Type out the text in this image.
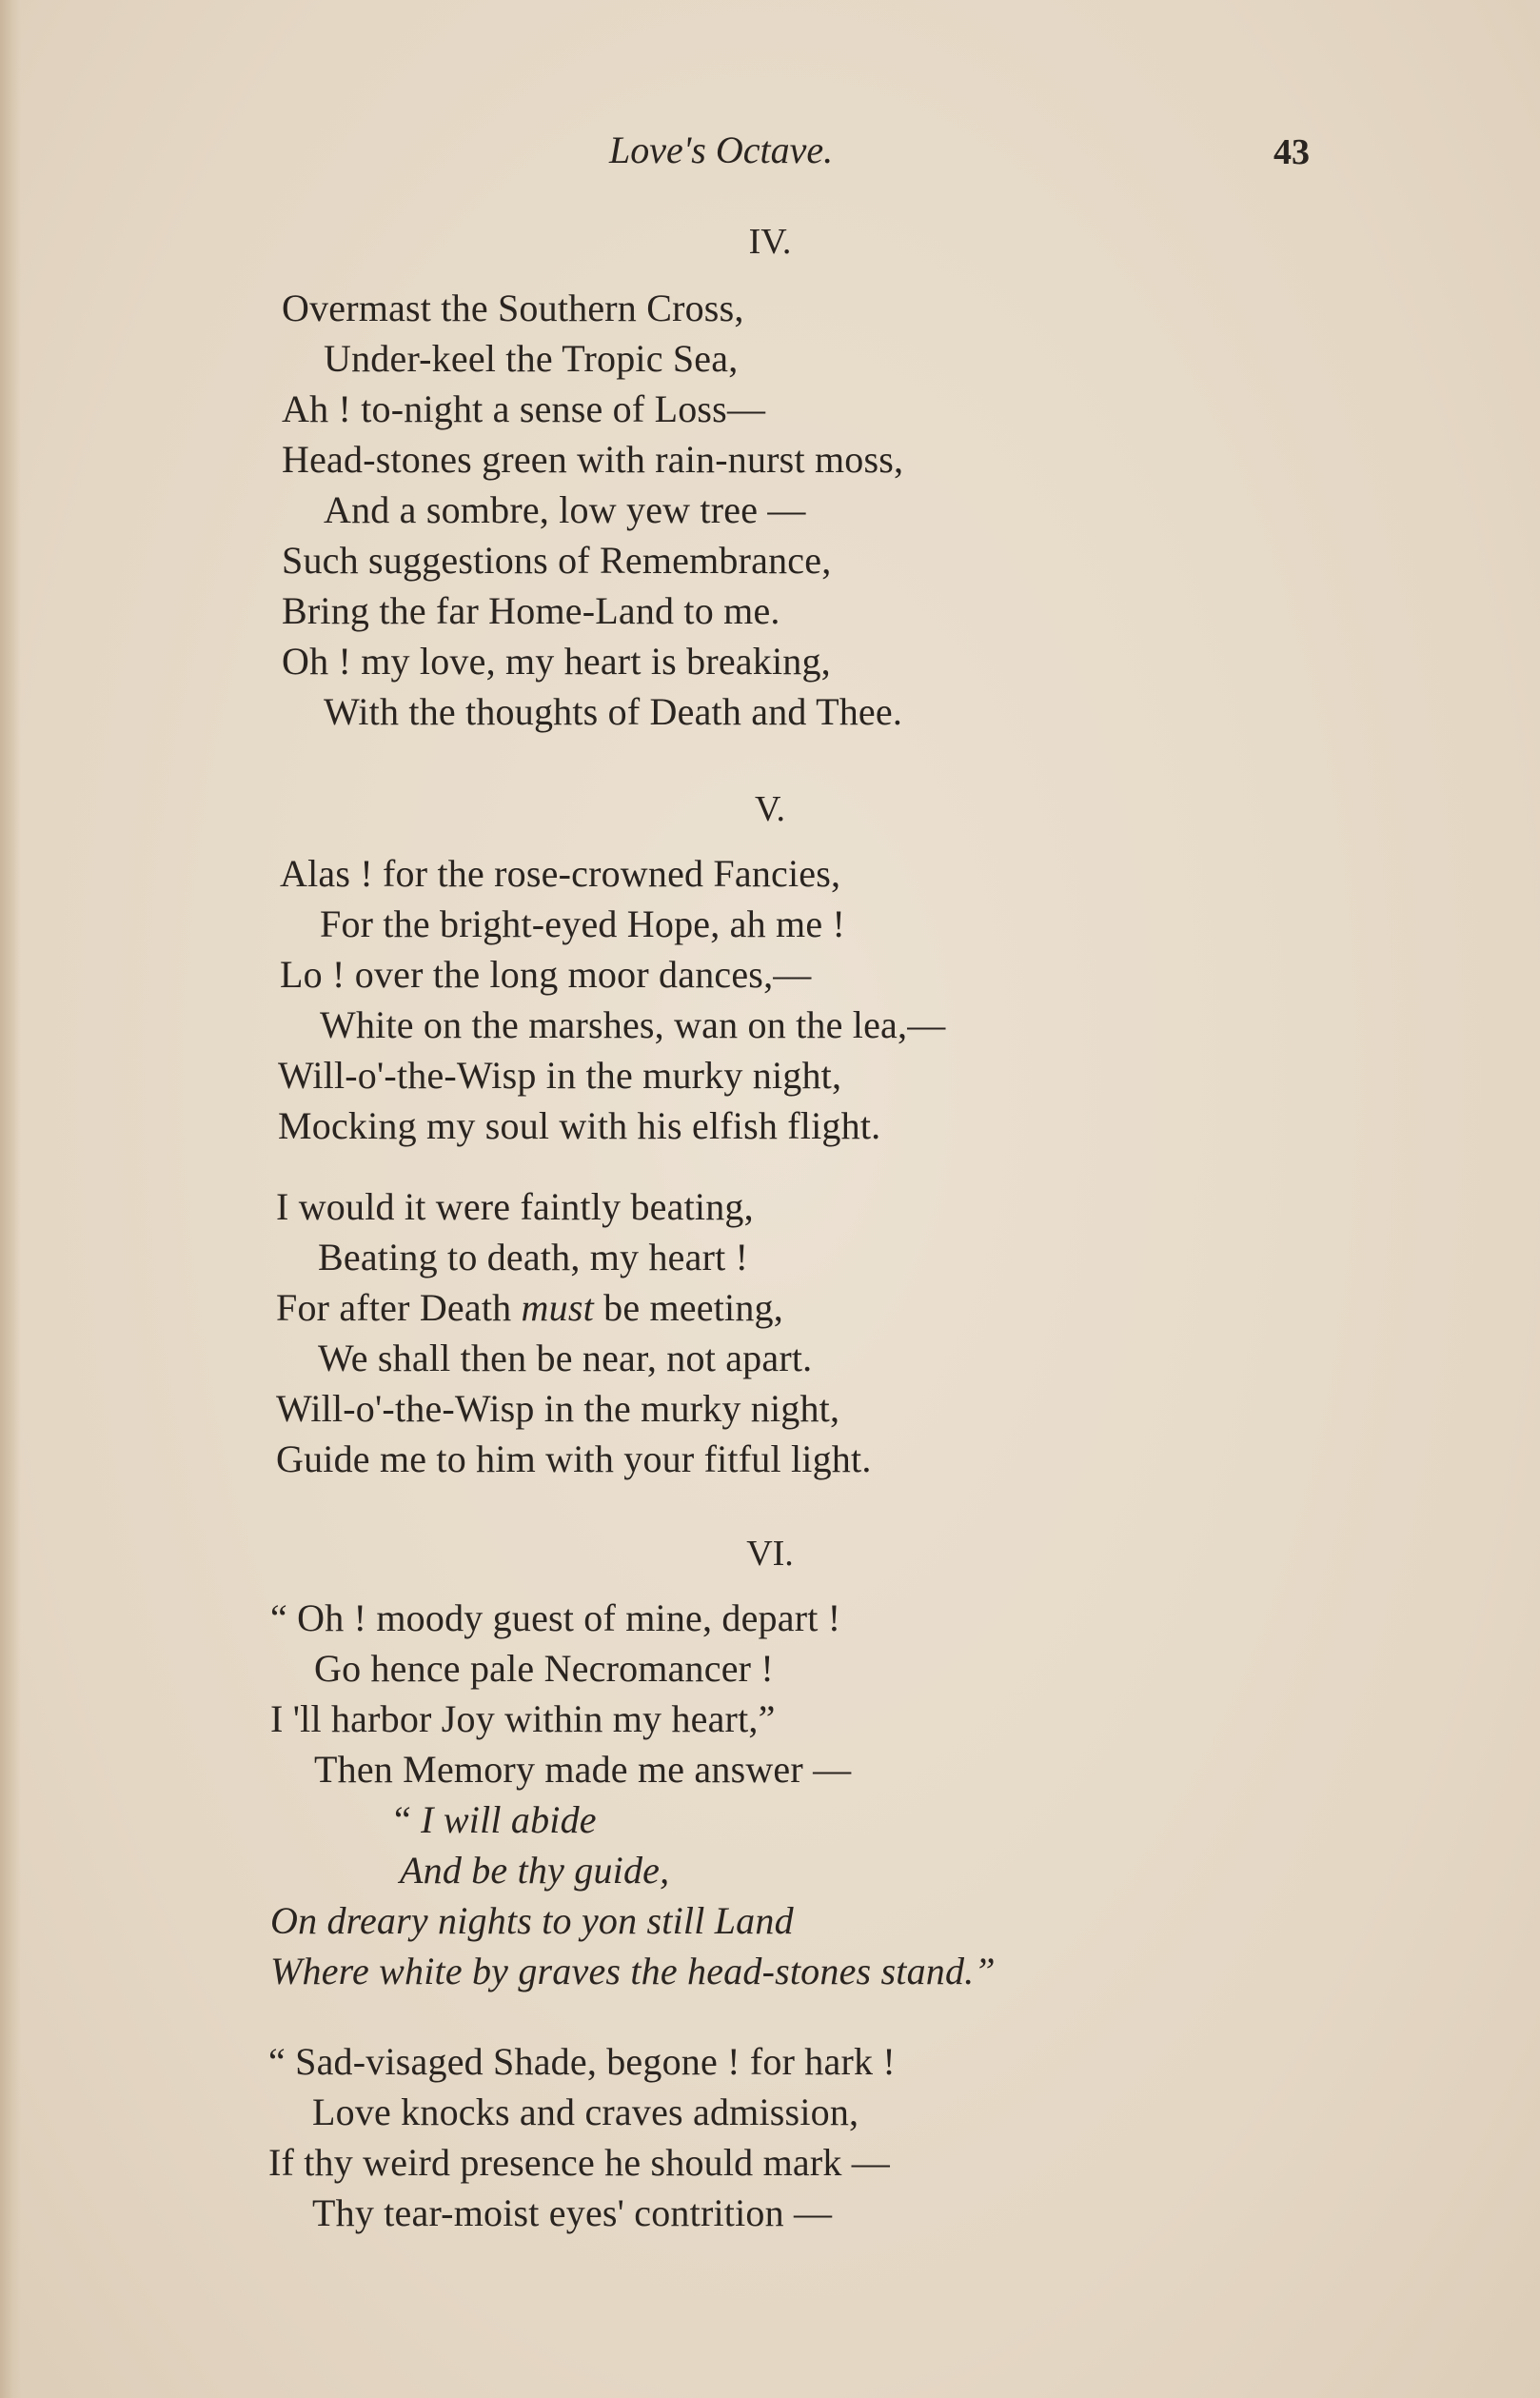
Love's Octave.	43
IV.
Overmast the Southern Cross,
Under-keel the Tropic Sea,
Ah ! to-night a sense of Loss—
Head-stones green with rain-nurst moss,
And a sombre, low yew tree —
Such suggestions of Remembrance,
Bring the far Home-Land to me.
Oh ! my love, my heart is breaking,
With the thoughts of Death and Thee.
V.
Alas ! for the rose-crowned Fancies,
For the bright-eyed Hope, ah me !
Lo ! over the long moor dances,—
White on the marshes, wan on the lea,—
Will-o'-the-Wisp in the murky night,
Mocking my soul with his elfish flight.
I would it were faintly beating,
Beating to death, my heart !
For after Death must be meeting,
We shall then be near, not apart.
Will-o'-the-Wisp in the murky night,
Guide me to him with your fitful light.
VI.
“ Oh ! moody guest of mine, depart !
Go hence pale Necromancer !
I 'll harbor Joy within my heart,”
Then Memory made me answer —
“ I will abide
And be thy guide,
On dreary nights to yon still Land
Where white by graves the head-stones stand.”
“ Sad-visaged Shade, begone ! for hark !
Love knocks and craves admission,
If thy weird presence he should mark —
Thy tear-moist eyes' contrition —
